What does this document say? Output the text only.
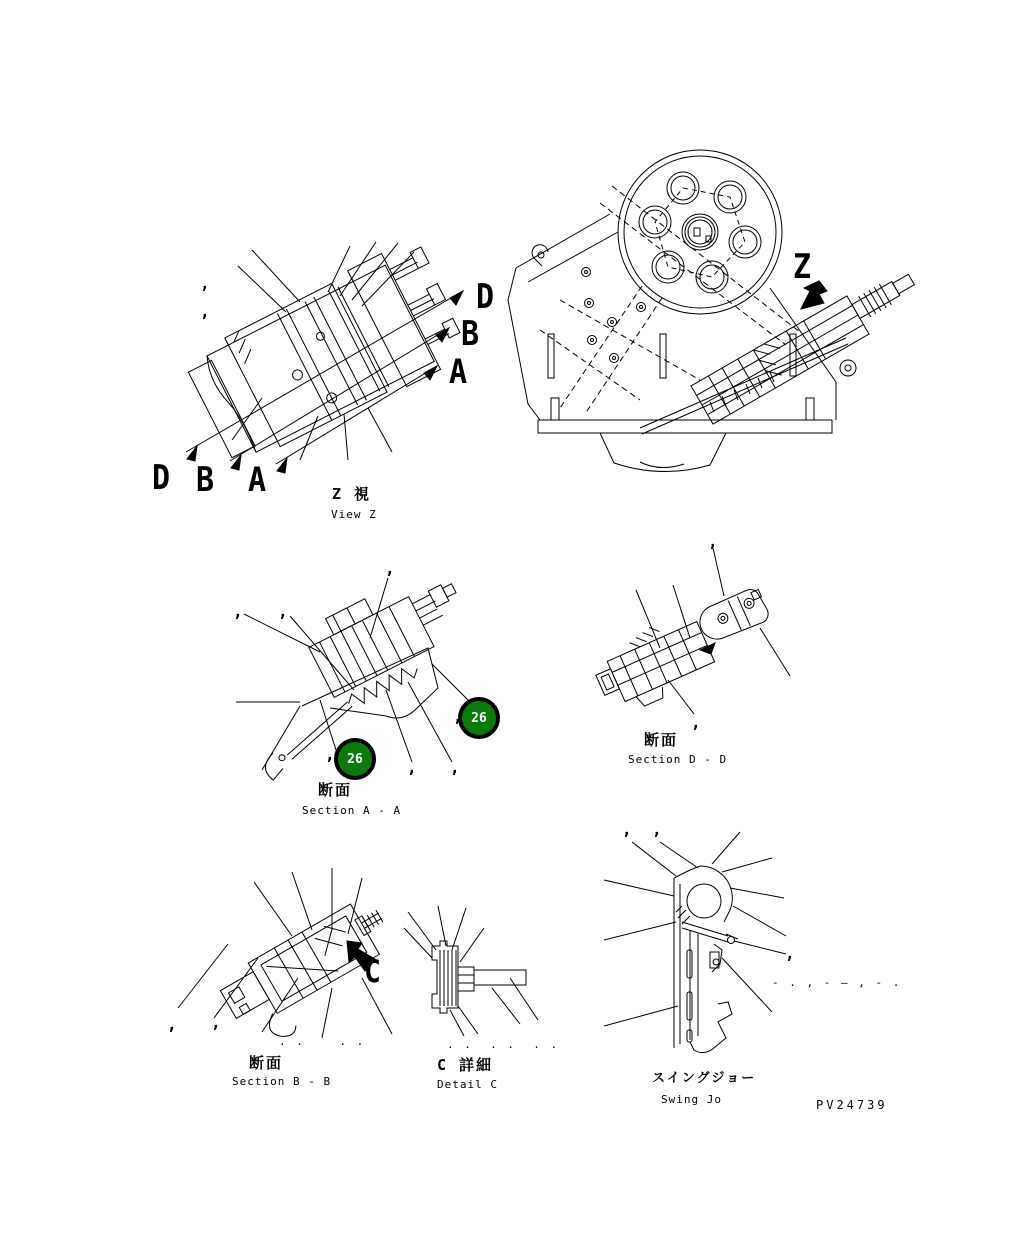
D
B
A
D B A
Z
C
Z 視
View Z
断面
Section A - A
断面
Section D - D
断面
Section B - B
C 詳細
Detail C	スイングジョー
Swing Jo	PV24739
26
26
,
,
, ,
,
,
, ,
,
,
,
, ,
, ,
,
. .    . .	. .  . .  . .
- . , - — , - .
